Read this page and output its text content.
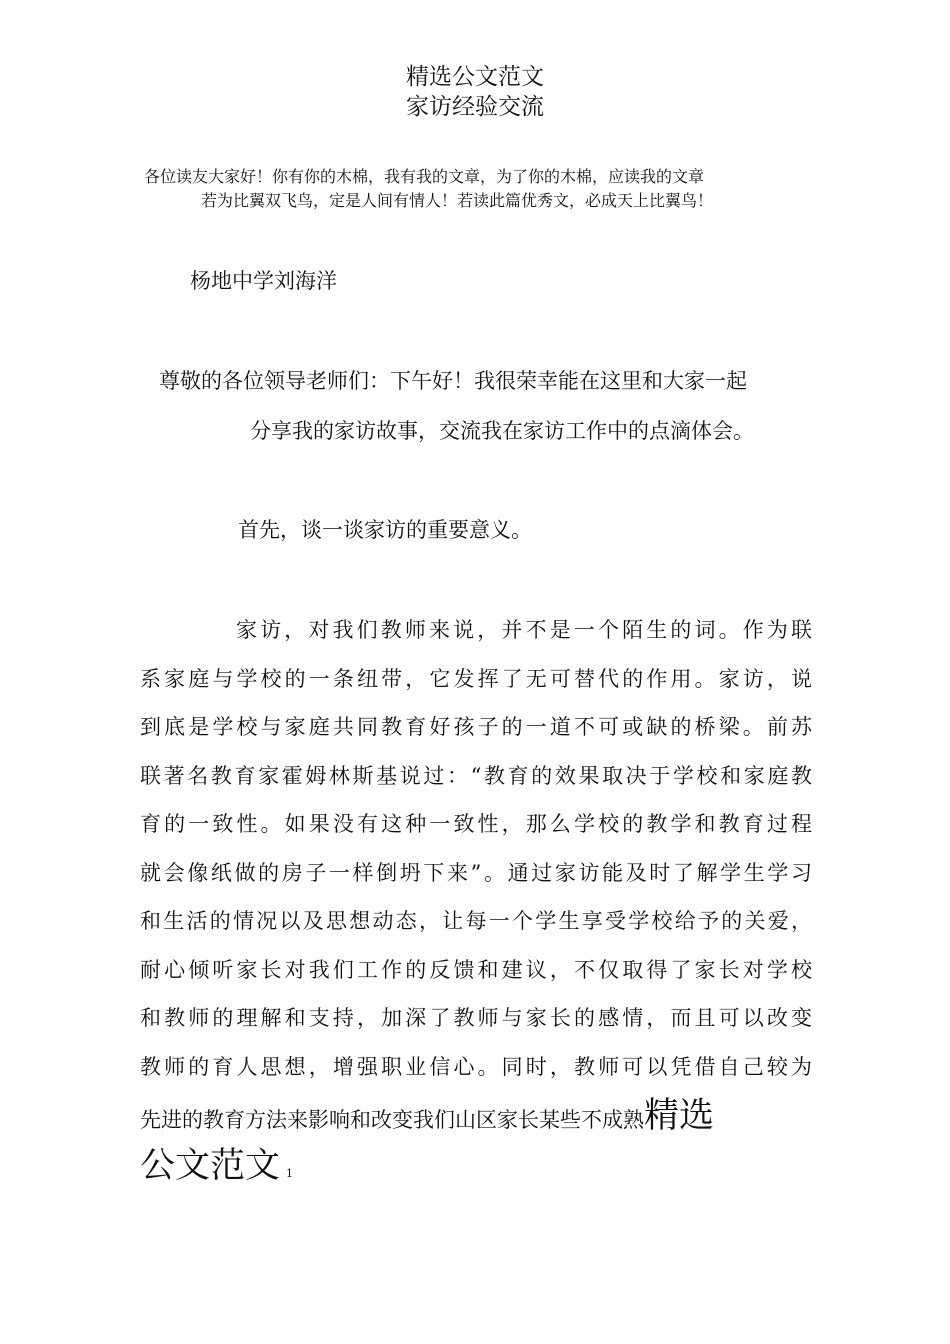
精选公文范文
家访经验交流
各位读友大家好！你有你的木棉，我有我的文章，为了你的木棉，应读我的文章
若为比翼双飞鸟，定是人间有情人！若读此篇优秀文，必成天上比翼鸟！
杨地中学刘海洋
尊敬的各位领导老师们：下午好！我很荣幸能在这里和大家一起
分享我的家访故事，交流我在家访工作中的点滴体会。
首先，谈一谈家访的重要意义。
家访，对我们教师来说，并不是一个陌生的词。作为联
系家庭与学校的一条纽带，它发挥了无可替代的作用。家访，说
到底是学校与家庭共同教育好孩子的一道不可或缺的桥梁。前苏
联著名教育家霍姆林斯基说过：“教育的效果取决于学校和家庭教
育的一致性。如果没有这种一致性，那么学校的教学和教育过程
就会像纸做的房子一样倒坍下来”。通过家访能及时了解学生学习
和生活的情况以及思想动态，让每一个学生享受学校给予的关爱，
耐心倾听家长对我们工作的反馈和建议，不仅取得了家长对学校
和教师的理解和支持，加深了教师与家长的感情，而且可以改变
教师的育人思想，增强职业信心。同时，教师可以凭借自己较为
先进的教育方法来影响和改变我们山区家长某些不成熟精选
公文范文 1
